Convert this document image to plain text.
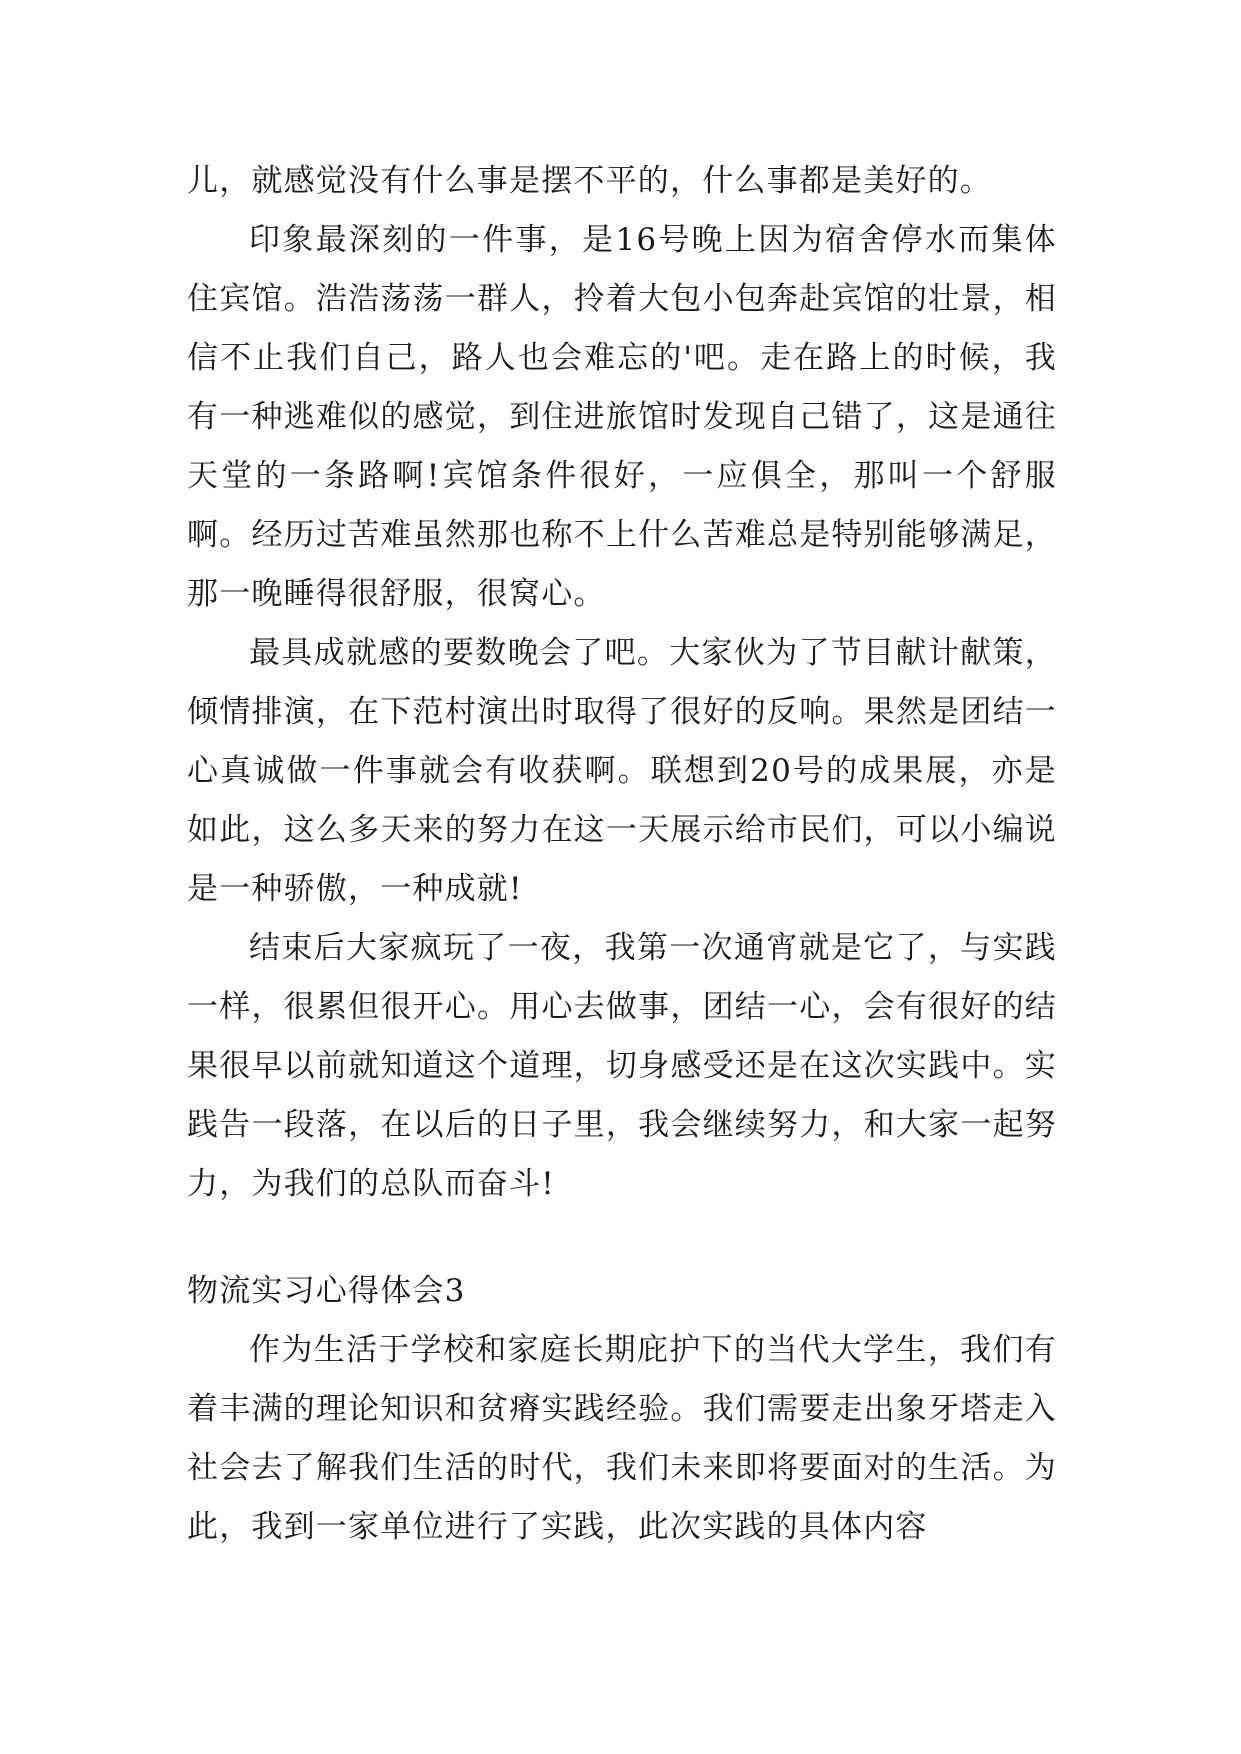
儿，就感觉没有什么事是摆不平的，什么事都是美好的。

印象最深刻的一件事，是16号晚上因为宿舍停水而集体住宾馆。浩浩荡荡一群人，拎着大包小包奔赴宾馆的壮景，相信不止我们自己，路人也会难忘的'吧。走在路上的时候，我有一种逃难似的感觉，到住进旅馆时发现自己错了，这是通往天堂的一条路啊!宾馆条件很好，一应俱全，那叫一个舒服啊。经历过苦难虽然那也称不上什么苦难总是特别能够满足，那一晚睡得很舒服，很窝心。

最具成就感的要数晚会了吧。大家伙为了节目献计献策，倾情排演，在下范村演出时取得了很好的反响。果然是团结一心真诚做一件事就会有收获啊。联想到20号的成果展，亦是如此，这么多天来的努力在这一天展示给市民们，可以小编说是一种骄傲，一种成就!

结束后大家疯玩了一夜，我第一次通宵就是它了，与实践一样，很累但很开心。用心去做事，团结一心，会有很好的结果很早以前就知道这个道理，切身感受还是在这次实践中。实践告一段落，在以后的日子里，我会继续努力，和大家一起努力，为我们的总队而奋斗!

物流实习心得体会3

作为生活于学校和家庭长期庇护下的当代大学生，我们有着丰满的理论知识和贫瘠实践经验。我们需要走出象牙塔走入社会去了解我们生活的时代，我们未来即将要面对的生活。为此，我到一家单位进行了实践，此次实践的具体内容
